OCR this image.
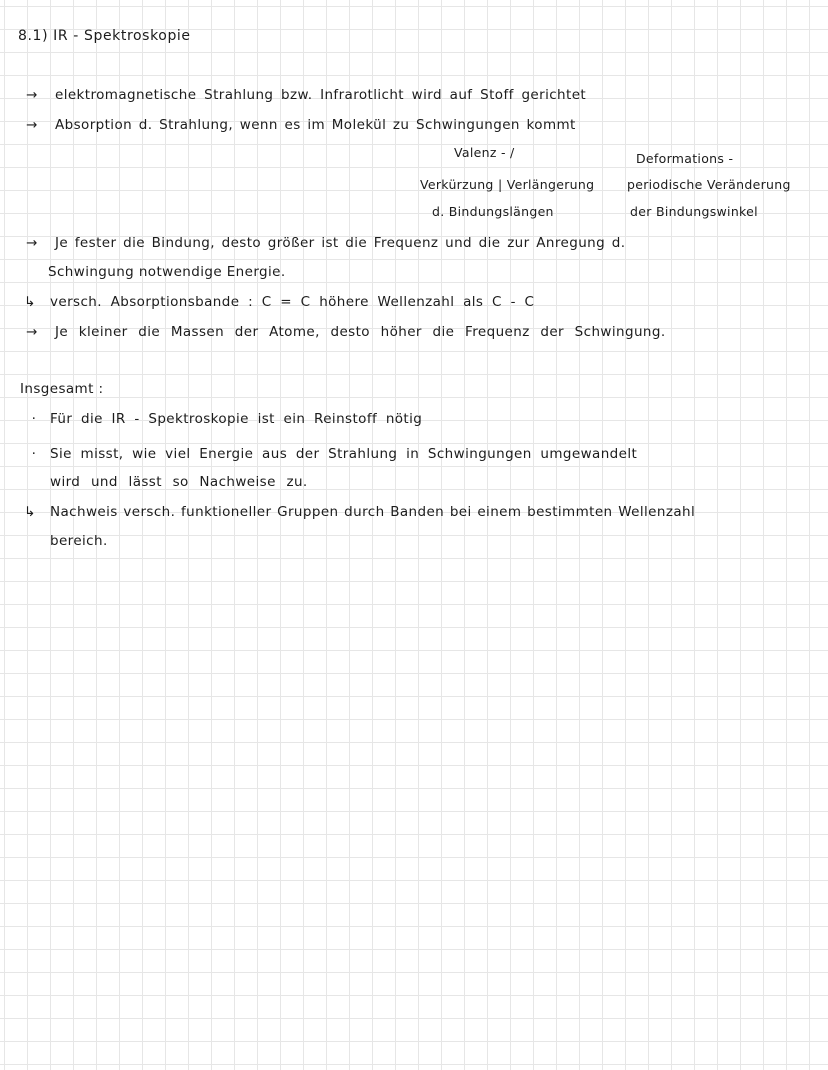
8.1) IR - Spektroskopie
→ elektromagnetische Strahlung bzw. Infrarotlicht wird auf Stoff gerichtet
→ Absorption d. Strahlung, wenn es im Molekül zu Schwingungen kommt
Valenz - /
Verkürzung | Verlängerung
d. Bindungslängen
Deformations -
periodische Veränderung
der Bindungswinkel
→ Je fester die Bindung, desto größer ist die Frequenz und die zur Anregung d.
Schwingung notwendige Energie.
↳ versch. Absorptionsbande : C = C höhere Wellenzahl als C - C
→ Je kleiner die Massen der Atome, desto höher die Frequenz der Schwingung.
Insgesamt :
·	Für die IR - Spektroskopie ist ein Reinstoff nötig
·	Sie misst, wie viel Energie aus der Strahlung in Schwingungen umgewandelt
wird und lässt so Nachweise zu.
↳ Nachweis versch. funktioneller Gruppen durch Banden bei einem bestimmten Wellenzahl
bereich.
